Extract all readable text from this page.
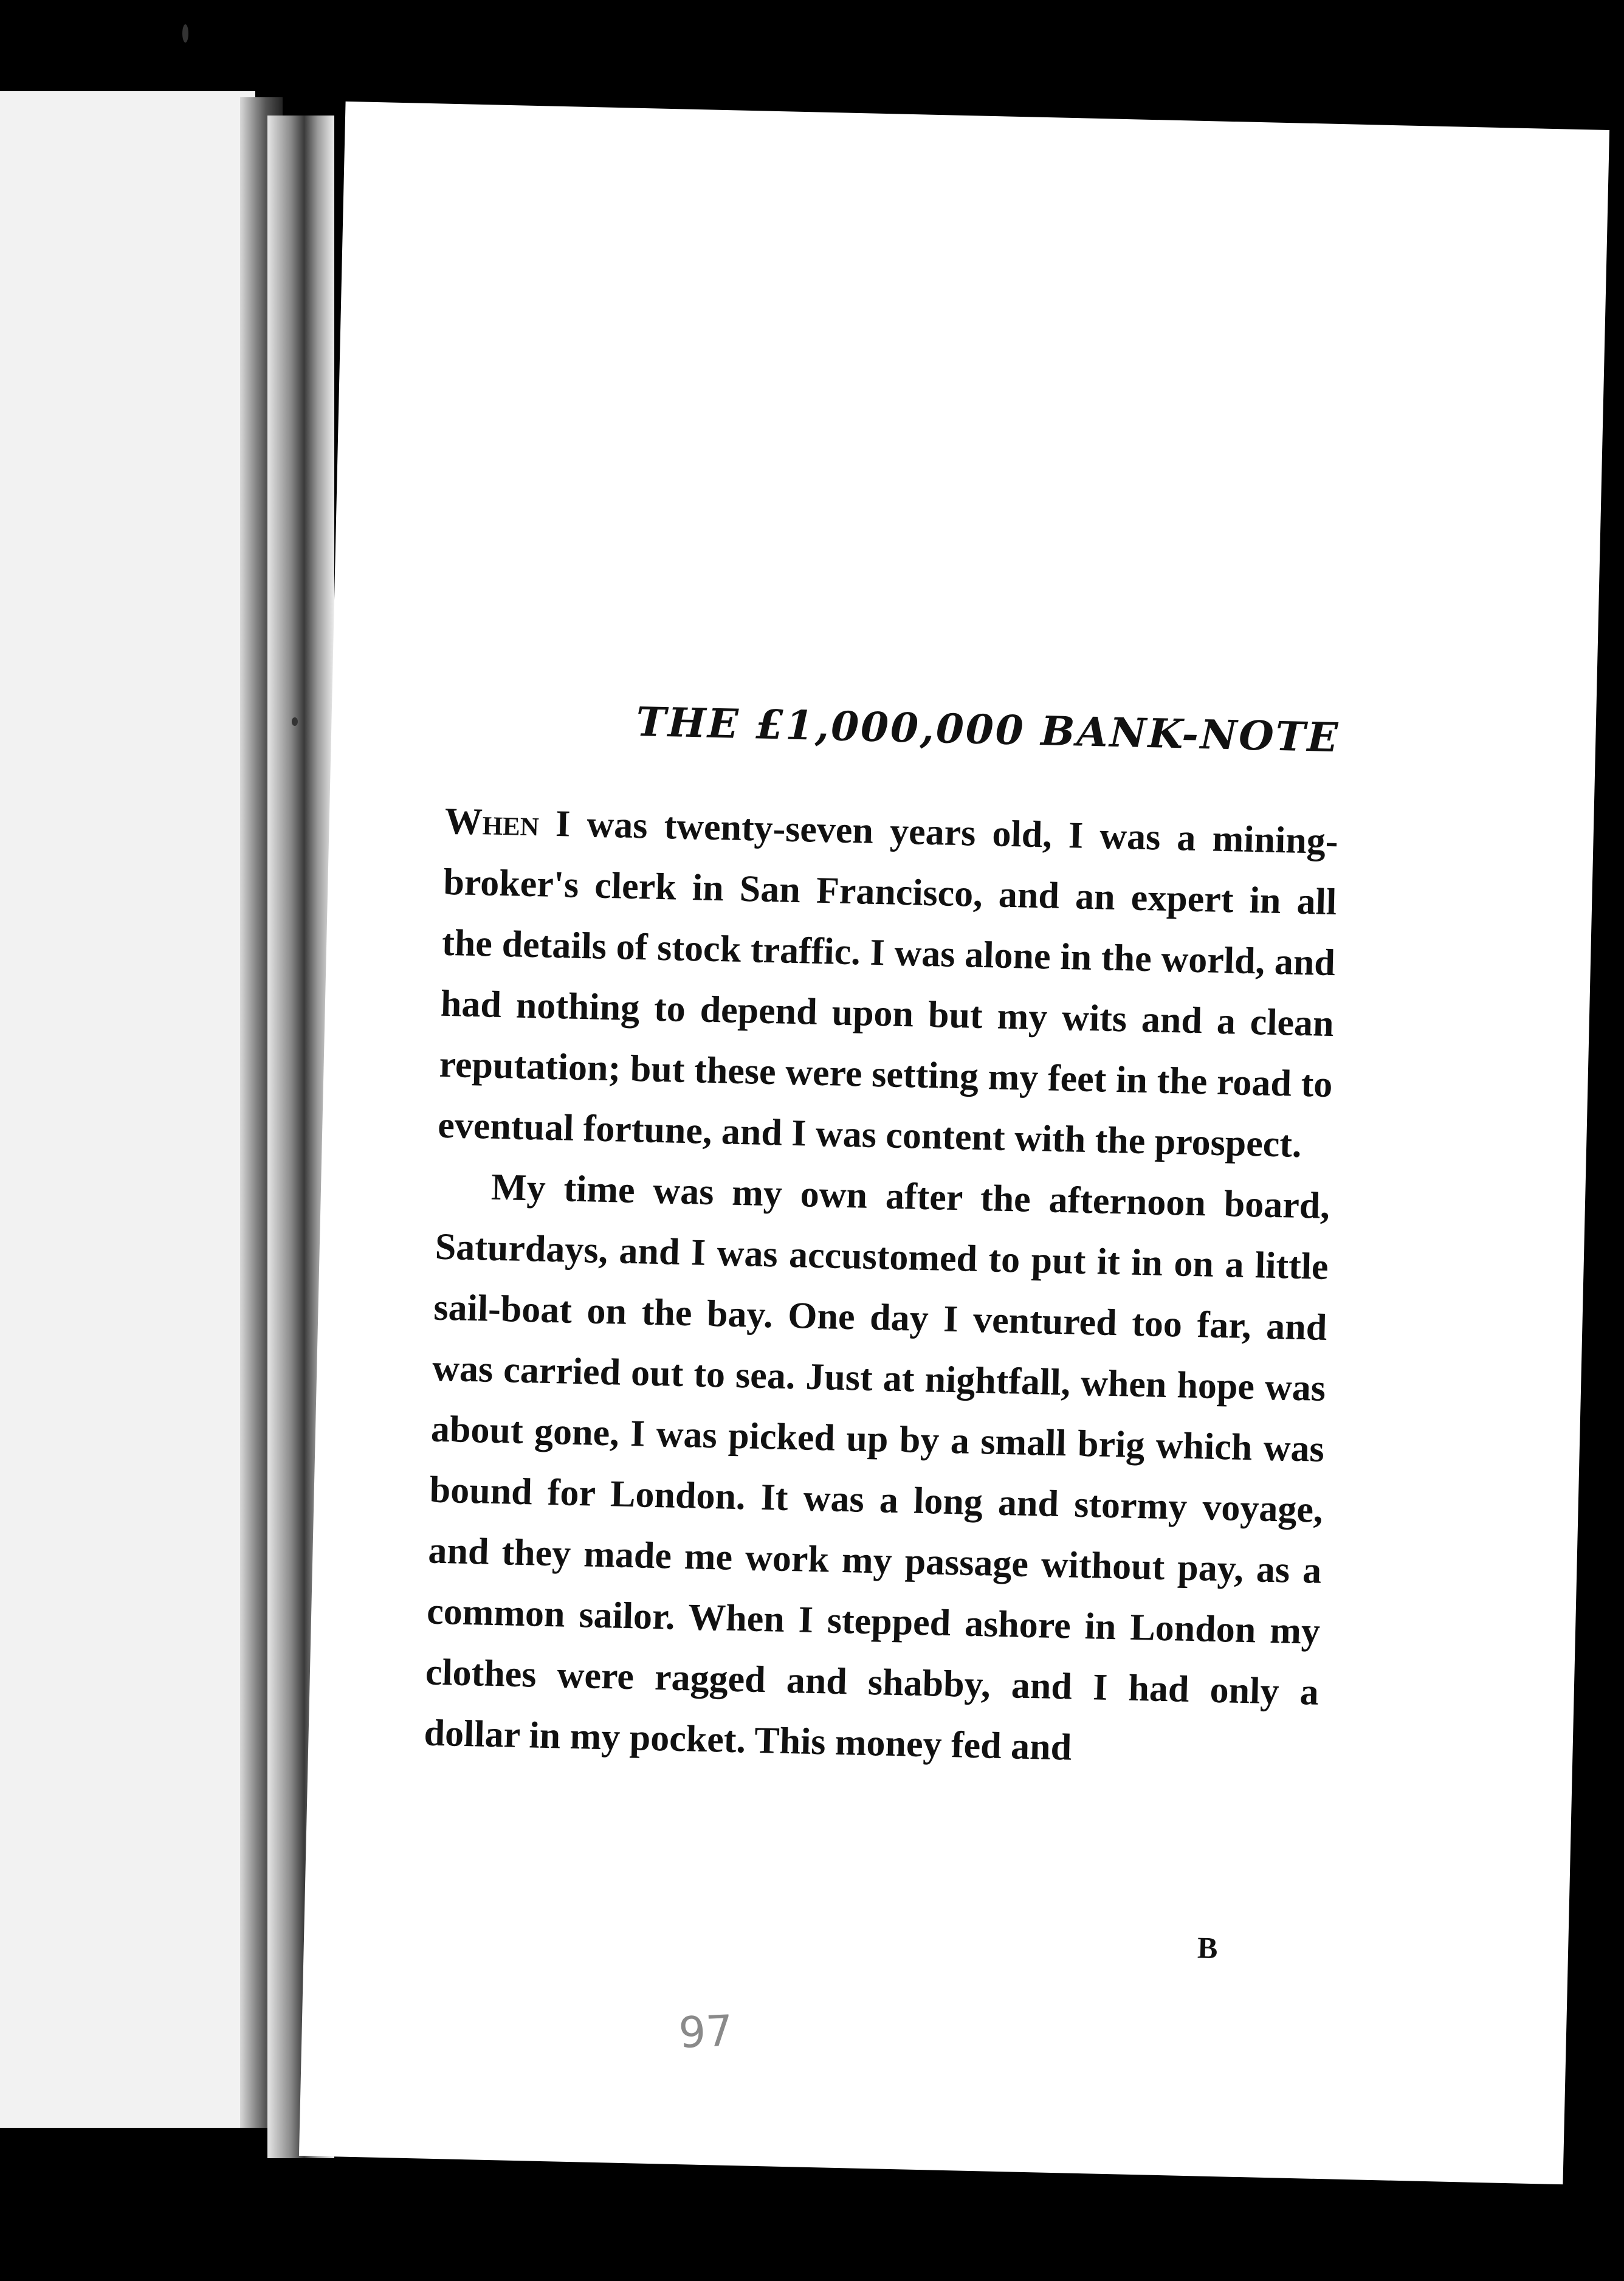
THE £1,000,000 BANK-NOTE

When I was twenty-seven years old, I was a mining-broker's clerk in San Francisco, and an expert in all the details of stock traffic. I was alone in the world, and had nothing to depend upon but my wits and a clean reputation; but these were setting my feet in the road to eventual fortune, and I was content with the prospect.

My time was my own after the afternoon board, Saturdays, and I was accustomed to put it in on a little sail-boat on the bay. One day I ventured too far, and was carried out to sea. Just at nightfall, when hope was about gone, I was picked up by a small brig which was bound for London. It was a long and stormy voyage, and they made me work my passage without pay, as a common sailor. When I stepped ashore in London my clothes were ragged and shabby, and I had only a dollar in my pocket. This money fed and

B
97
